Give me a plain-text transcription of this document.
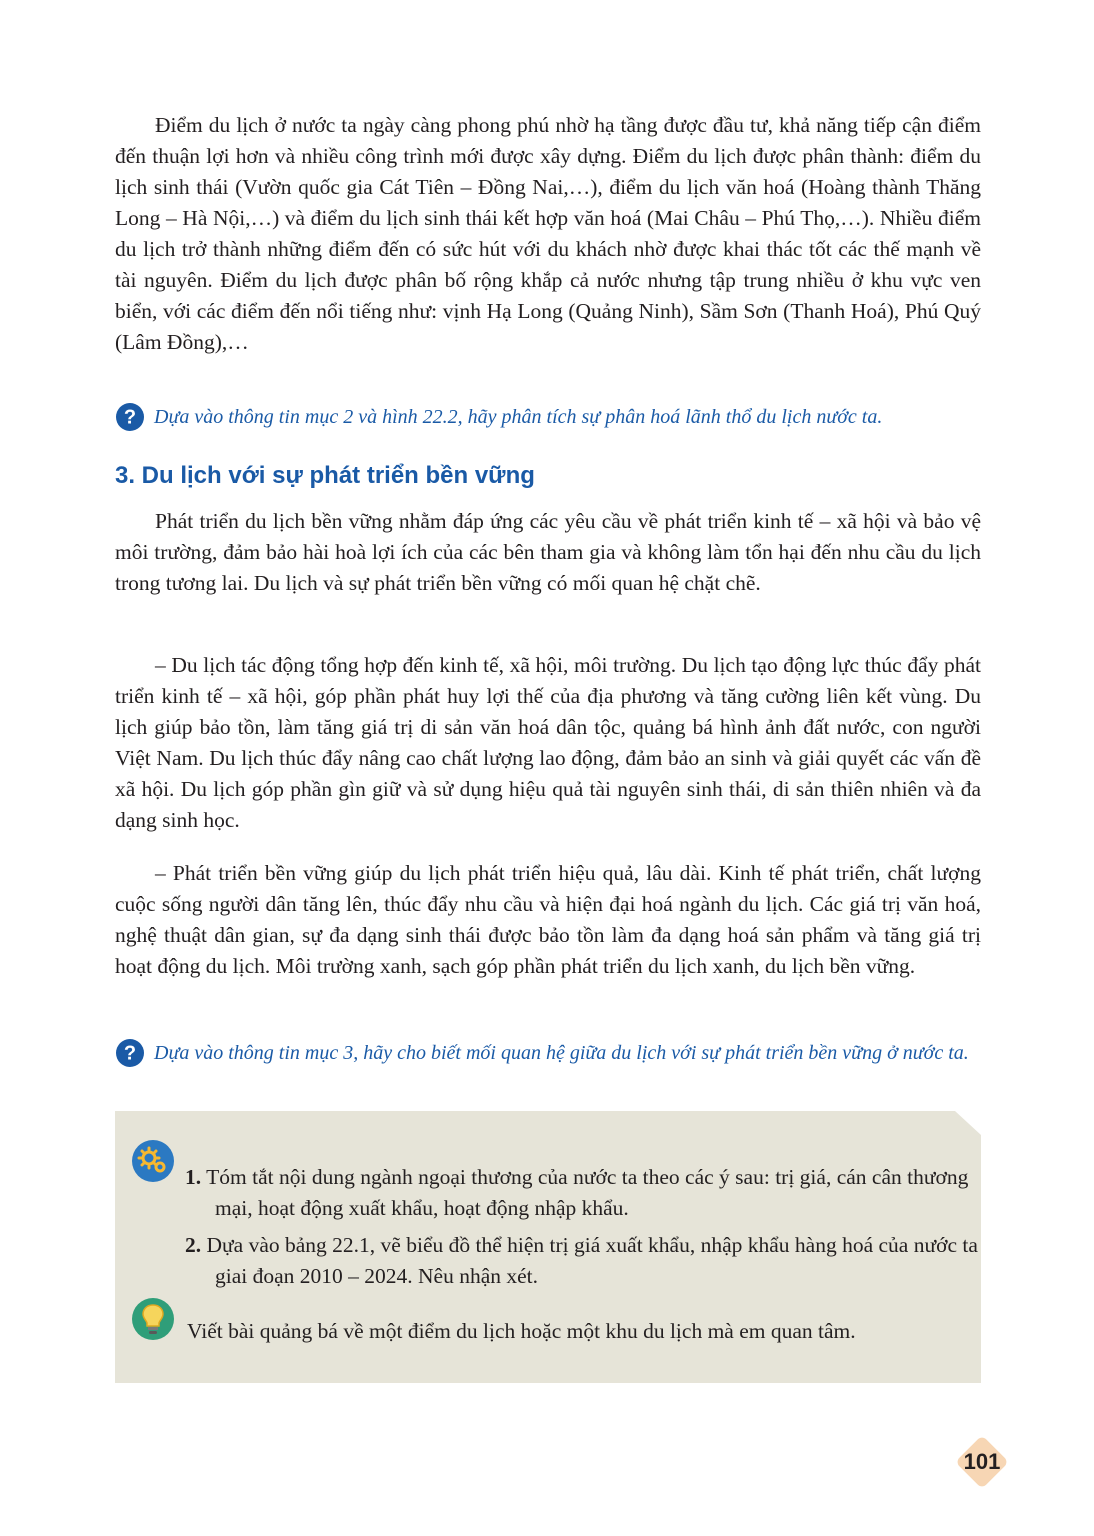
Điểm du lịch ở nước ta ngày càng phong phú nhờ hạ tầng được đầu tư, khả năng tiếp cận điểm đến thuận lợi hơn và nhiều công trình mới được xây dựng. Điểm du lịch được phân thành: điểm du lịch sinh thái (Vườn quốc gia Cát Tiên – Đồng Nai,…), điểm du lịch văn hoá (Hoàng thành Thăng Long – Hà Nội,…) và điểm du lịch sinh thái kết hợp văn hoá (Mai Châu – Phú Thọ,…). Nhiều điểm du lịch trở thành những điểm đến có sức hút với du khách nhờ được khai thác tốt các thế mạnh về tài nguyên. Điểm du lịch được phân bố rộng khắp cả nước nhưng tập trung nhiều ở khu vực ven biển, với các điểm đến nổi tiếng như: vịnh Hạ Long (Quảng Ninh), Sầm Sơn (Thanh Hoá), Phú Quý (Lâm Đồng),…

? Dựa vào thông tin mục 2 và hình 22.2, hãy phân tích sự phân hoá lãnh thổ du lịch nước ta.

3. Du lịch với sự phát triển bền vững

Phát triển du lịch bền vững nhằm đáp ứng các yêu cầu về phát triển kinh tế – xã hội và bảo vệ môi trường, đảm bảo hài hoà lợi ích của các bên tham gia và không làm tổn hại đến nhu cầu du lịch trong tương lai. Du lịch và sự phát triển bền vững có mối quan hệ chặt chẽ.

– Du lịch tác động tổng hợp đến kinh tế, xã hội, môi trường. Du lịch tạo động lực thúc đẩy phát triển kinh tế – xã hội, góp phần phát huy lợi thế của địa phương và tăng cường liên kết vùng. Du lịch giúp bảo tồn, làm tăng giá trị di sản văn hoá dân tộc, quảng bá hình ảnh đất nước, con người Việt Nam. Du lịch thúc đẩy nâng cao chất lượng lao động, đảm bảo an sinh và giải quyết các vấn đề xã hội. Du lịch góp phần gìn giữ và sử dụng hiệu quả tài nguyên sinh thái, di sản thiên nhiên và đa dạng sinh học.

– Phát triển bền vững giúp du lịch phát triển hiệu quả, lâu dài. Kinh tế phát triển, chất lượng cuộc sống người dân tăng lên, thúc đẩy nhu cầu và hiện đại hoá ngành du lịch. Các giá trị văn hoá, nghệ thuật dân gian, sự đa dạng sinh thái được bảo tồn làm đa dạng hoá sản phẩm và tăng giá trị hoạt động du lịch. Môi trường xanh, sạch góp phần phát triển du lịch xanh, du lịch bền vững.

? Dựa vào thông tin mục 3, hãy cho biết mối quan hệ giữa du lịch với sự phát triển bền vững ở nước ta.

1. Tóm tắt nội dung ngành ngoại thương của nước ta theo các ý sau: trị giá, cán cân thương mại, hoạt động xuất khẩu, hoạt động nhập khẩu.

2. Dựa vào bảng 22.1, vẽ biểu đồ thể hiện trị giá xuất khẩu, nhập khẩu hàng hoá của nước ta giai đoạn 2010 – 2024. Nêu nhận xét.

Viết bài quảng bá về một điểm du lịch hoặc một khu du lịch mà em quan tâm.

101
